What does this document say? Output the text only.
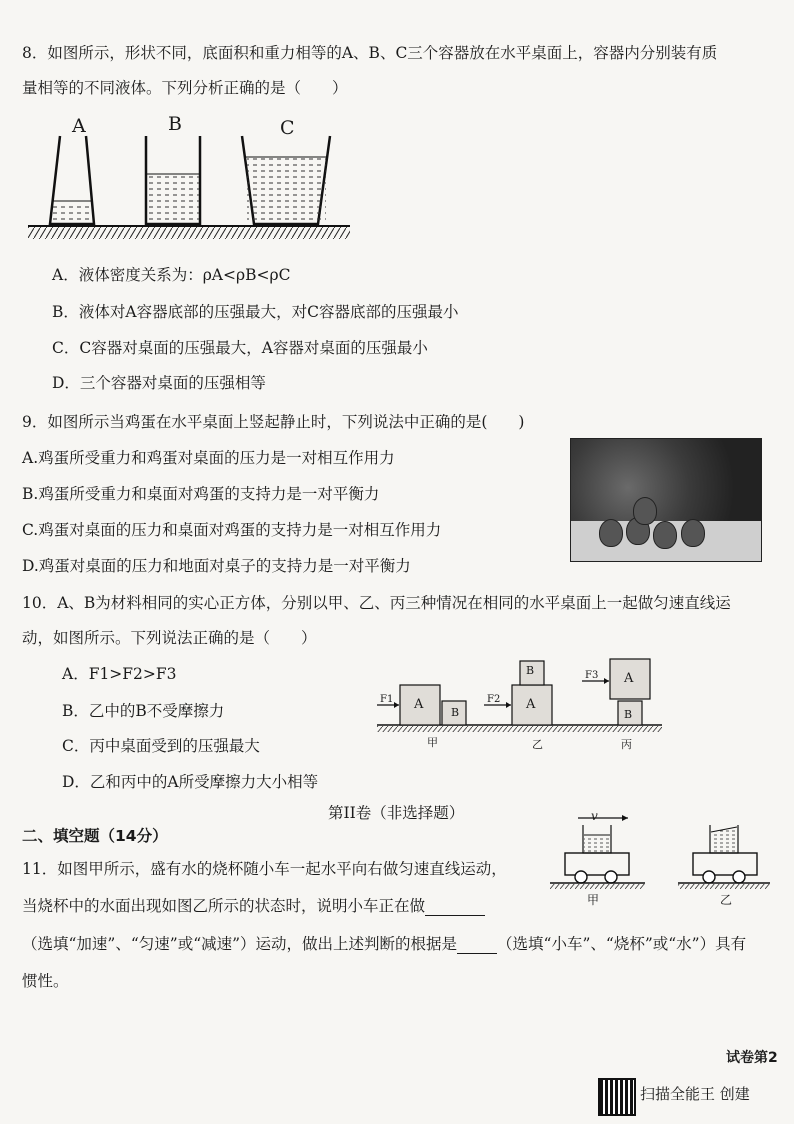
8．如图所示，形状不同，底面积和重力相等的A、B、C三个容器放在水平桌面上，容器内分别装有质
量相等的不同液体。下列分析正确的是（　　）
A	B	C
A．液体密度关系为：ρA<ρB<ρC
B．液体对A容器底部的压强最大，对C容器底部的压强最小
C．C容器对桌面的压强最大，A容器对桌面的压强最小
D．三个容器对桌面的压强相等
9．如图所示当鸡蛋在水平桌面上竖起静止时，下列说法中正确的是(　　)
A.鸡蛋所受重力和鸡蛋对桌面的压力是一对相互作用力
B.鸡蛋所受重力和桌面对鸡蛋的支持力是一对平衡力
C.鸡蛋对桌面的压力和桌面对鸡蛋的支持力是一对相互作用力
D.鸡蛋对桌面的压力和地面对桌子的支持力是一对平衡力
10．A、B为材料相同的实心正方体，分别以甲、乙、丙三种情况在相同的水平桌面上一起做匀速直线运
动，如图所示。下列说法正确的是（　　）
A．F1>F2>F3
B．乙中的B不受摩擦力
C．丙中桌面受到的压强最大
D．乙和丙中的A所受摩擦力大小相等
F1	F2
F3
A
B
A
B
A
B
甲	乙	丙
第II卷（非选择题）
二、填空题（14分）
11．如图甲所示，盛有水的烧杯随小车一起水平向右做匀速直线运动，
当烧杯中的水面出现如图乙所示的状态时，说明小车正在做
（选填“加速”、“匀速”或“减速”）运动，做出上述判断的根据是	（选填“小车”、“烧杯”或“水”）具有
惯性。
v
甲	乙
试卷第2
扫描全能王 创建
